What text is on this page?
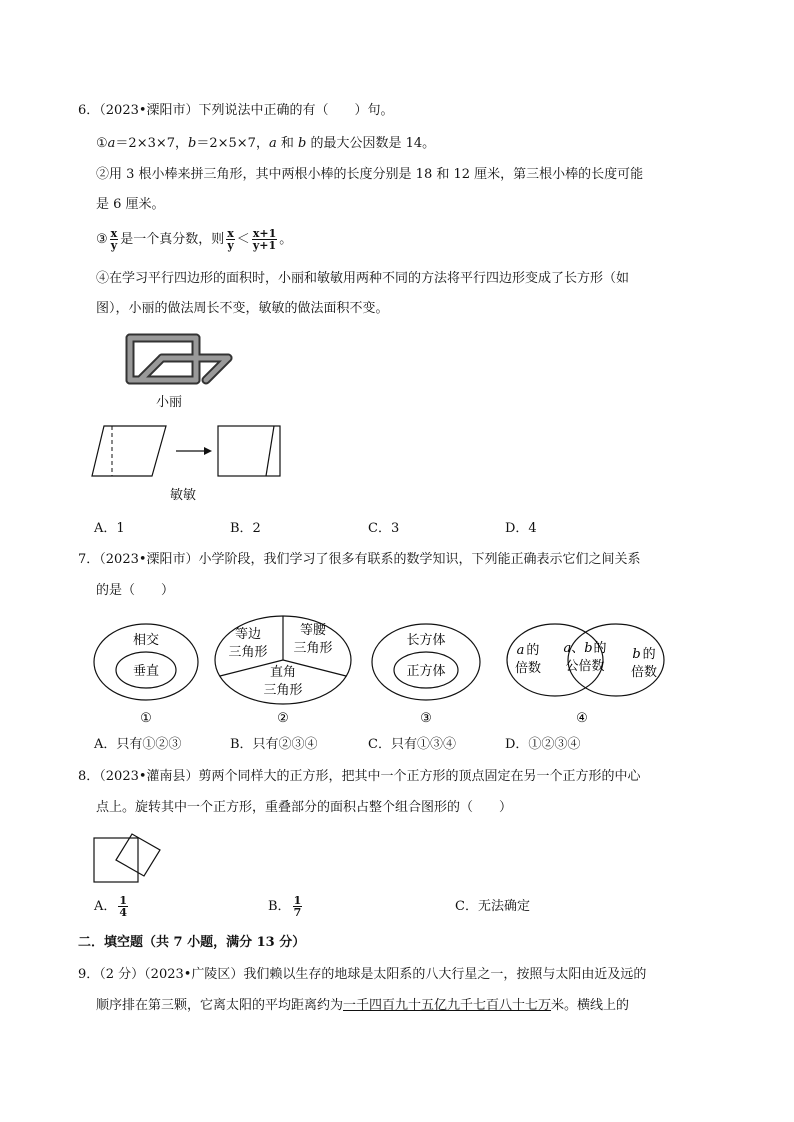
6．（2023•溧阳市）下列说法中正确的有（　　）句。
①a＝2×3×7，b＝2×5×7，a 和 b 的最大公因数是 14。
②用 3 根小棒来拼三角形，其中两根小棒的长度分别是 18 和 12 厘米，第三根小棒的长度可能
是 6 厘米。
③ $\frac{x}{y}$ 是一个真分数，则 $\frac{x}{y} < \frac{x+1}{y+1}$ 。
④在学习平行四边形的面积时，小丽和敏敏用两种不同的方法将平行四边形变成了长方形（如
图），小丽的做法周长不变，敏敏的做法面积不变。
小丽
敏敏
A．1	B．2	C．3	D．4
7．（2023•溧阳市）小学阶段，我们学习了很多有联系的数学知识，下列能正确表示它们之间关系
的是（　　）
相交
垂直
①
等边
三角形
等腰
三角形
直角
三角形
②
长方体
正方体
③
a 的
倍数
a、b的
公倍数
b 的
倍数
④
A．只有①②③	B．只有②③④	C．只有①③④	D．①②③④
8．（2023•灌南县）剪两个同样大的正方形，把其中一个正方形的顶点固定在另一个正方形的中心
点上。旋转其中一个正方形，重叠部分的面积占整个组合图形的（　　）
A． $\frac{1}{4}$	B． $\frac{1}{7}$	C．无法确定
二．填空题（共 7 小题，满分 13 分）
9．（2 分）（2023•广陵区）我们赖以生存的地球是太阳系的八大行星之一，按照与太阳由近及远的
顺序排在第三颗，它离太阳的平均距离约为一千四百九十五亿九千七百八十七万米。横线上的
